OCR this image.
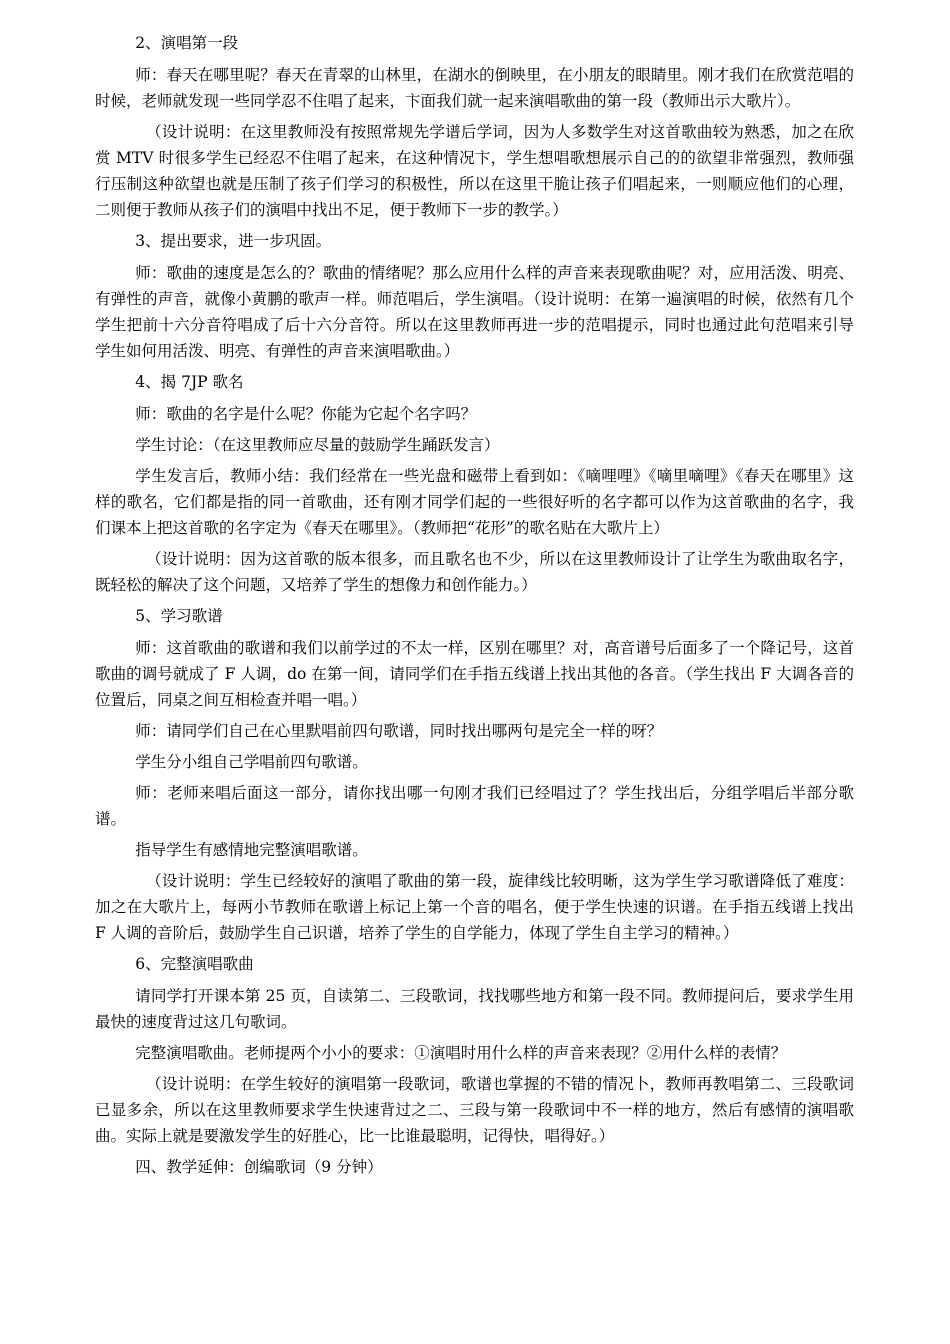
2、演唱第一段

师：春天在哪里呢？春天在青翠的山林里，在湖水的倒映里，在小朋友的眼睛里。刚才我们在欣赏范唱的时候，老师就发现一些同学忍不住唱了起来，卞面我们就一起来演唱歌曲的第一段（教师出示大歌片）。

（设计说明：在这里教师没有按照常规先学谱后学词，因为人多数学生对这首歌曲较为熟悉，加之在欣赏 MTV 时很多学生已经忍不住唱了起来，在这种情况卞，学生想唱歌想展示自己的的欲望非常强烈，教师强行压制这种欲望也就是压制了孩子们学习的积极性，所以在这里干脆让孩子们唱起来，一则顺应他们的心理，二则便于教师从孩子们的演唱中找出不足，便于教师下一步的教学。）

3、提出要求，进一步巩固。

师：歌曲的速度是怎么的？歌曲的情绪呢？那么应用什么样的声音来表现歌曲呢？对，应用活泼、明亮、有弹性的声音，就像小黄鹏的歌声一样。师范唱后，学生演唱。（设计说明：在第一遍演唱的时候，依然有几个学生把前十六分音符唱成了后十六分音符。所以在这里教师再进一步的范唱提示，同时也通过此句范唱来引导学生如何用活泼、明亮、有弹性的声音来演唱歌曲。）

4、揭 7JP 歌名

师：歌曲的名字是什么呢？你能为它起个名字吗？

学生讨论：（在这里教师应尽量的鼓励学生踊跃发言）

学生发言后，教师小结：我们经常在一些光盘和磁带上看到如：《嘀哩哩》《嘀里嘀哩》《春天在哪里》这样的歌名，它们都是指的同一首歌曲，还有刚才同学们起的一些很好听的名字都可以作为这首歌曲的名字，我们课本上把这首歌的名字定为《春天在哪里》。（教师把“花形”的歌名贴在大歌片上）

（设计说明：因为这首歌的版本很多，而且歌名也不少，所以在这里教师设计了让学生为歌曲取名字，既轻松的解决了这个问题，又培养了学生的想像力和创作能力。）

5、学习歌谱

师：这首歌曲的歌谱和我们以前学过的不太一样，区别在哪里？对，高音谱号后面多了一个降记号，这首歌曲的调号就成了 F 人调，do 在第一间，请同学们在手指五线谱上找出其他的各音。（学生找出 F 大调各音的位置后，同桌之间互相检查并唱一唱。）

师：请同学们自己在心里默唱前四句歌谱，同时找出哪两句是完全一样的呀？

学生分小组自己学唱前四句歌谱。

师：老师来唱后面这一部分，请你找出哪一句刚才我们已经唱过了？学生找出后，分组学唱后半部分歌谱。

指导学生有感情地完整演唱歌谱。

（设计说明：学生已经较好的演唱了歌曲的第一段，旋律线比较明晰，这为学生学习歌谱降低了难度：加之在大歌片上，每两小节教师在歌谱上标记上第一个音的唱名，便于学生快速的识谱。在手指五线谱上找出 F 人调的音阶后，鼓励学生自己识谱，培养了学生的自学能力，体现了学生自主学习的精神。）

6、完整演唱歌曲

请同学打开课本第 25 页，自读第二、三段歌词，找找哪些地方和第一段不同。教师提问后，要求学生用最快的速度背过这几句歌词。

完整演唱歌曲。老师提两个小小的要求：①演唱时用什么样的声音来表现？②用什么样的表情？

（设计说明：在学生较好的演唱第一段歌词，歌谱也掌握的不错的情况卜，教师再教唱第二、三段歌词已显多余，所以在这里教师要求学生快速背过之二、三段与第一段歌词中不一样的地方，然后有感情的演唱歌曲。实际上就是要激发学生的好胜心，比一比谁最聪明，记得快，唱得好。）

四、教学延伸：创编歌词（9 分钟）
